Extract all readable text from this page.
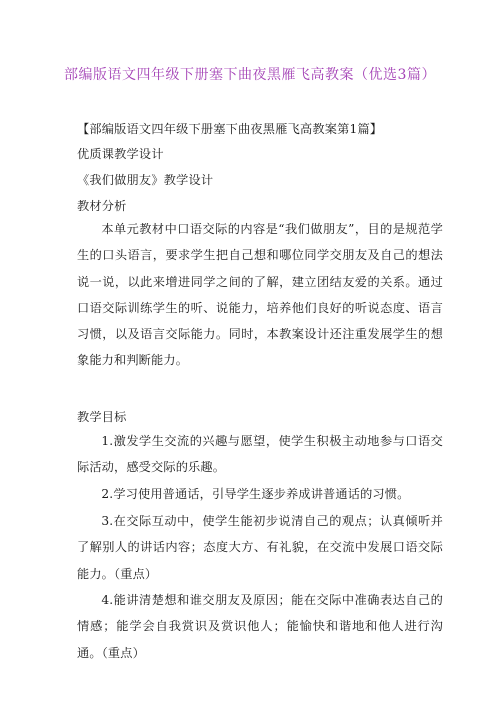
部编版语文四年级下册塞下曲夜黑雁飞高教案（优选3篇）
【部编版语文四年级下册塞下曲夜黑雁飞高教案第1篇】
优质课教学设计
《我们做朋友》教学设计
教材分析

本单元教材中口语交际的内容是“我们做朋友”，目的是规范学生的口头语言，要求学生把自己想和哪位同学交朋友及自己的想法说一说，以此来增进同学之间的了解，建立团结友爱的关系。通过口语交际训练学生的听、说能力，培养他们良好的听说态度、语言习惯，以及语言交际能力。同时，本教案设计还注重发展学生的想象能力和判断能力。

教学目标

1.激发学生交流的兴趣与愿望，使学生积极主动地参与口语交际活动，感受交际的乐趣。

2.学习使用普通话，引导学生逐步养成讲普通话的习惯。

3.在交际互动中，使学生能初步说清自己的观点；认真倾听并了解别人的讲话内容；态度大方、有礼貌，在交流中发展口语交际能力。（重点）

4.能讲清楚想和谁交朋友及原因；能在交际中准确表达自己的情感；能学会自我赏识及赏识他人；能愉快和谐地和他人进行沟通。（重点）
